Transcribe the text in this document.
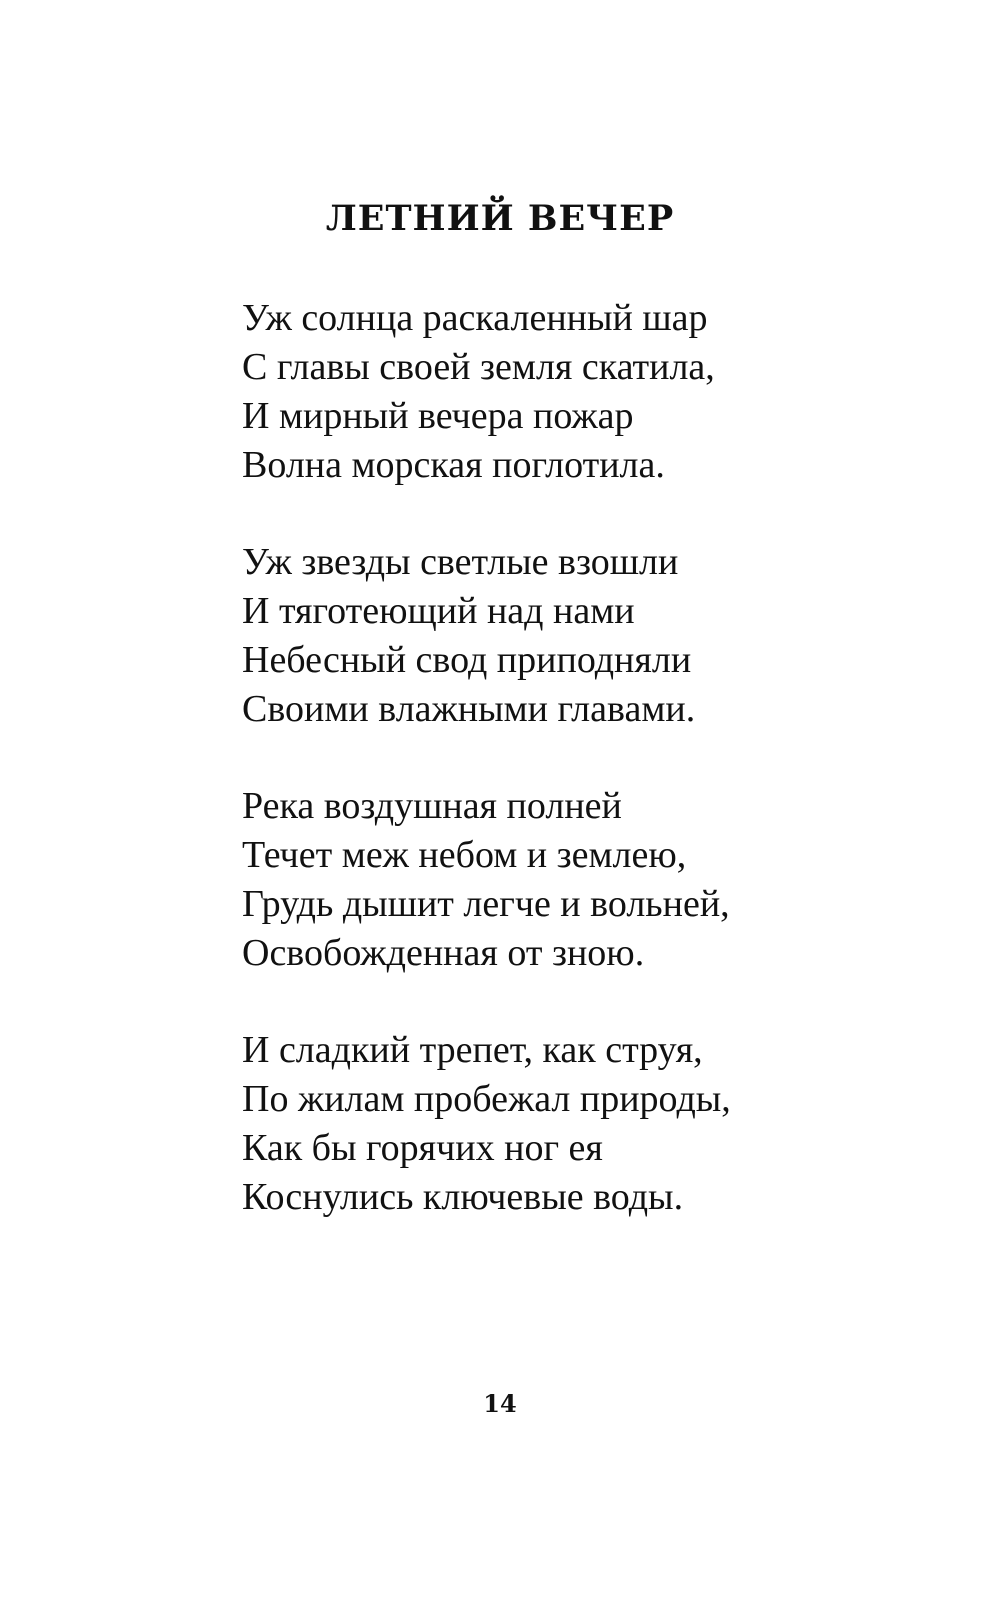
ЛЕТНИЙ ВЕЧЕР
Уж солнца раскаленный шар
С главы своей земля скатила,
И мирный вечера пожар
Волна морская поглотила.
Уж звезды светлые взошли
И тяготеющий над нами
Небесный свод приподняли
Своими влажными главами.
Река воздушная полней
Течет меж небом и землею,
Грудь дышит легче и вольней,
Освобожденная от зною.
И сладкий трепет, как струя,
По жилам пробежал природы,
Как бы горячих ног ея
Коснулись ключевые воды.
14
